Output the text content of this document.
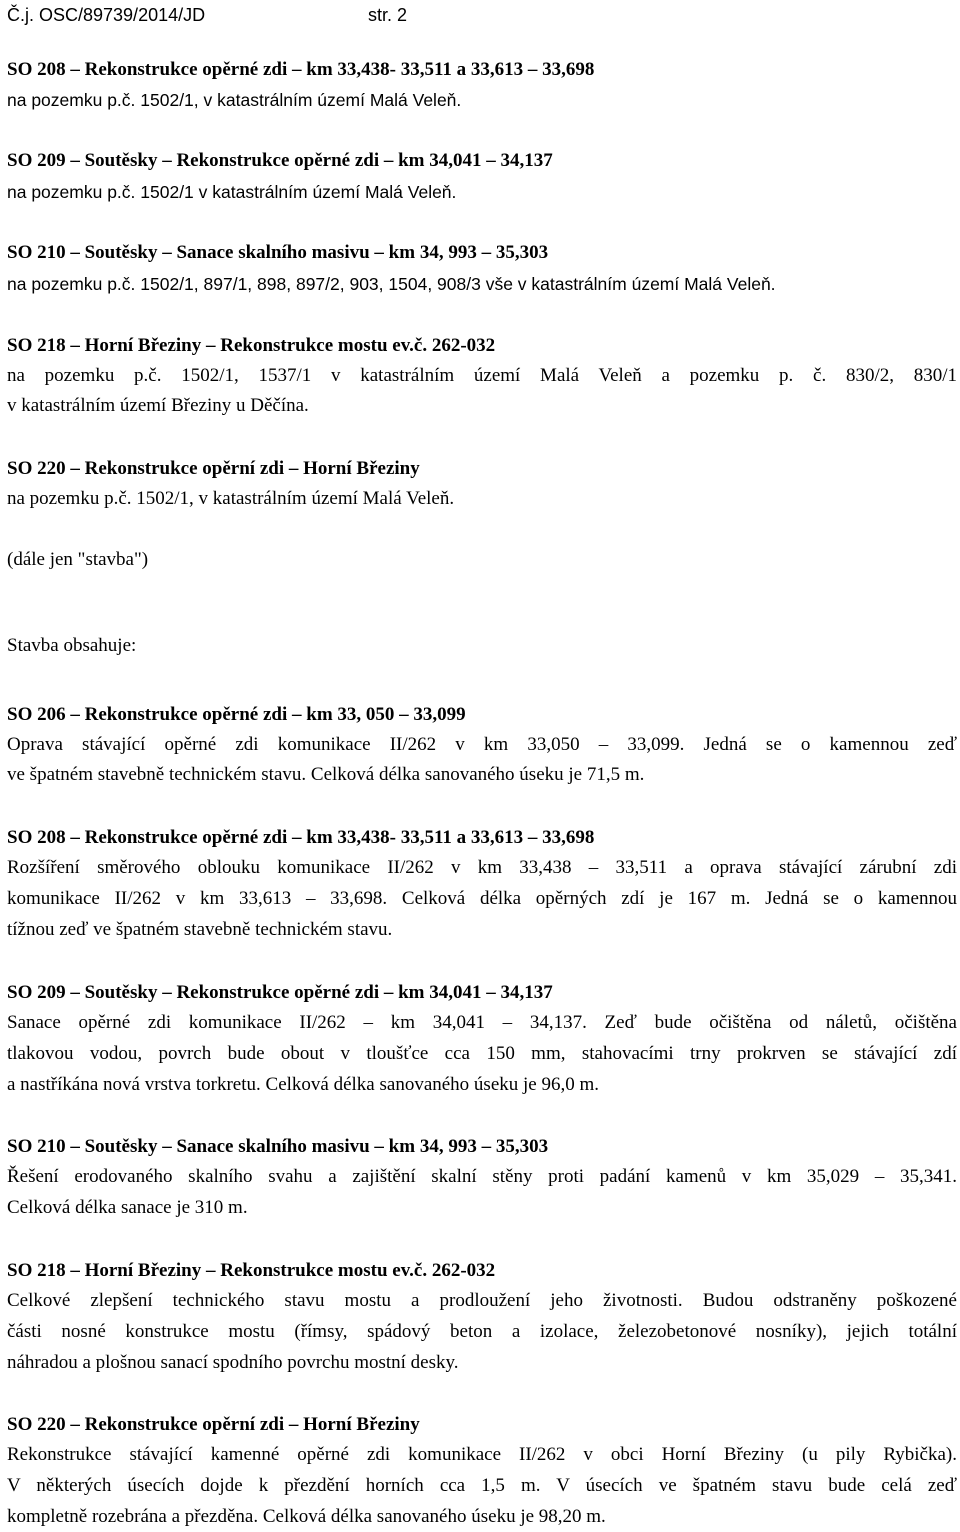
Č.j. OSC/89739/2014/JD	str. 2
SO 208 – Rekonstrukce opěrné zdi – km 33,438- 33,511 a 33,613 – 33,698
na pozemku p.č. 1502/1, v katastrálním území Malá Veleň.
SO 209 – Soutěsky – Rekonstrukce opěrné zdi – km 34,041 – 34,137
na pozemku p.č. 1502/1 v katastrálním území Malá Veleň.
SO 210 – Soutěsky – Sanace skalního masivu – km 34, 993 – 35,303
na pozemku p.č. 1502/1, 897/1, 898, 897/2, 903, 1504, 908/3 vše v katastrálním území Malá Veleň.
SO 218 – Horní Březiny – Rekonstrukce mostu ev.č. 262-032
na pozemku p.č. 1502/1, 1537/1 v katastrálním území Malá Veleň a pozemku p. č. 830/2, 830/1
v katastrálním území Březiny u Děčína.
SO 220 – Rekonstrukce opěrní zdi – Horní Březiny
na pozemku p.č. 1502/1, v katastrálním území Malá Veleň.
(dále jen "stavba")
Stavba obsahuje:
SO 206 – Rekonstrukce opěrné zdi – km 33, 050 – 33,099
Oprava stávající opěrné zdi komunikace II/262 v km 33,050 – 33,099. Jedná se o kamennou zeď
ve špatném stavebně technickém stavu. Celková délka sanovaného úseku je 71,5 m.
SO 208 – Rekonstrukce opěrné zdi – km 33,438- 33,511 a 33,613 – 33,698
Rozšíření směrového oblouku komunikace II/262 v km 33,438 – 33,511 a oprava stávající zárubní zdi
komunikace II/262 v km 33,613 – 33,698. Celková délka opěrných zdí je 167 m. Jedná se o kamennou
tížnou zeď ve špatném stavebně technickém stavu.
SO 209 – Soutěsky – Rekonstrukce opěrné zdi – km 34,041 – 34,137
Sanace opěrné zdi komunikace II/262 – km 34,041 – 34,137. Zeď bude očištěna od náletů, očištěna
tlakovou vodou, povrch bude obout v tloušťce cca 150 mm, stahovacími trny prokrven se stávající zdí
a nastříkána nová vrstva torkretu. Celková délka sanovaného úseku je 96,0 m.
SO 210 – Soutěsky – Sanace skalního masivu – km 34, 993 – 35,303
Řešení erodovaného skalního svahu a zajištění skalní stěny proti padání kamenů v km 35,029 – 35,341.
Celková délka sanace je 310 m.
SO 218 – Horní Březiny – Rekonstrukce mostu ev.č. 262-032
Celkové zlepšení technického stavu mostu a prodloužení jeho životnosti. Budou odstraněny poškozené
části nosné konstrukce mostu (římsy, spádový beton a izolace, železobetonové nosníky), jejich totální
náhradou a plošnou sanací spodního povrchu mostní desky.
SO 220 – Rekonstrukce opěrní zdi – Horní Březiny
Rekonstrukce stávající kamenné opěrné zdi komunikace II/262 v obci Horní Březiny (u pily Rybička).
V některých úsecích dojde k přezdění horních cca 1,5 m. V úsecích ve špatném stavu bude celá zeď
kompletně rozebrána a přezděna. Celková délka sanovaného úseku je 98,20 m.
